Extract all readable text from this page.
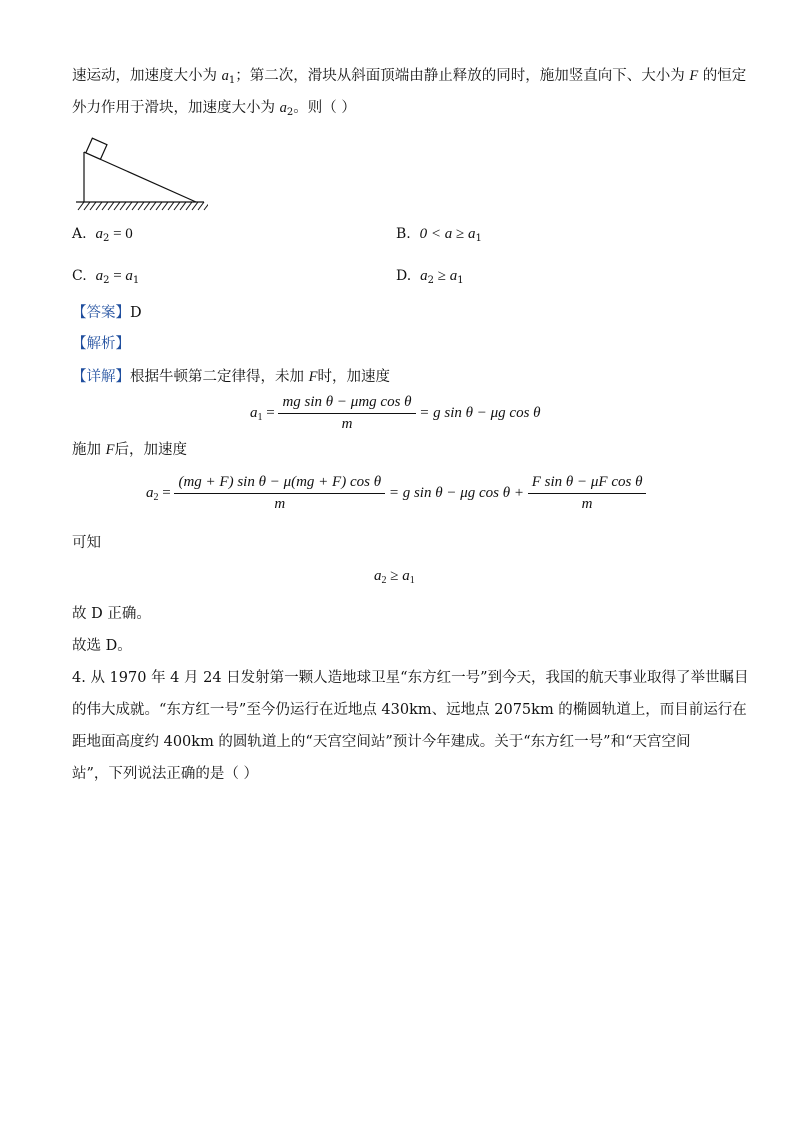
速运动，加速度大小为 $a_1$；第二次，滑块从斜面顶端由静止释放的同时，施加竖直向下、大小为 F 的恒定
外力作用于滑块，加速度大小为 $a_2$。则（ ）
A. $a_2 = 0$	B. $0 < a \ge a_1$
C. $a_2 = a_1$	D. $a_2 \ge a_1$
【答案】D
【解析】
【详解】根据牛顿第二定律得，未加 F时，加速度
$a_1 = \frac{\text{mg sin θ − μmg cos θ}}{m} = g$ sin θ − μg cos θ
施加 F后，加速度
$a_2 = \frac{\text{(mg + F) sin θ − μ(mg + F) cos θ}}{m} = g$ sin θ − μg $\cos \theta + \frac{\text{F sin θ − μF cos θ}}{m}$
可知
$a_2 \ge a_1$
故 D 正确。
故选 D。
4. 从 1970 年 4 月 24 日发射第一颗人造地球卫星“东方红一号”到今天，我国的航天事业取得了举世瞩目
的伟大成就。“东方红一号”至今仍运行在近地点 430km、远地点 2075km 的椭圆轨道上，而目前运行在
距地面高度约 400km 的圆轨道上的“天宫空间站”预计今年建成。关于“东方红一号”和“天宫空间
站”，下列说法正确的是（ ）
